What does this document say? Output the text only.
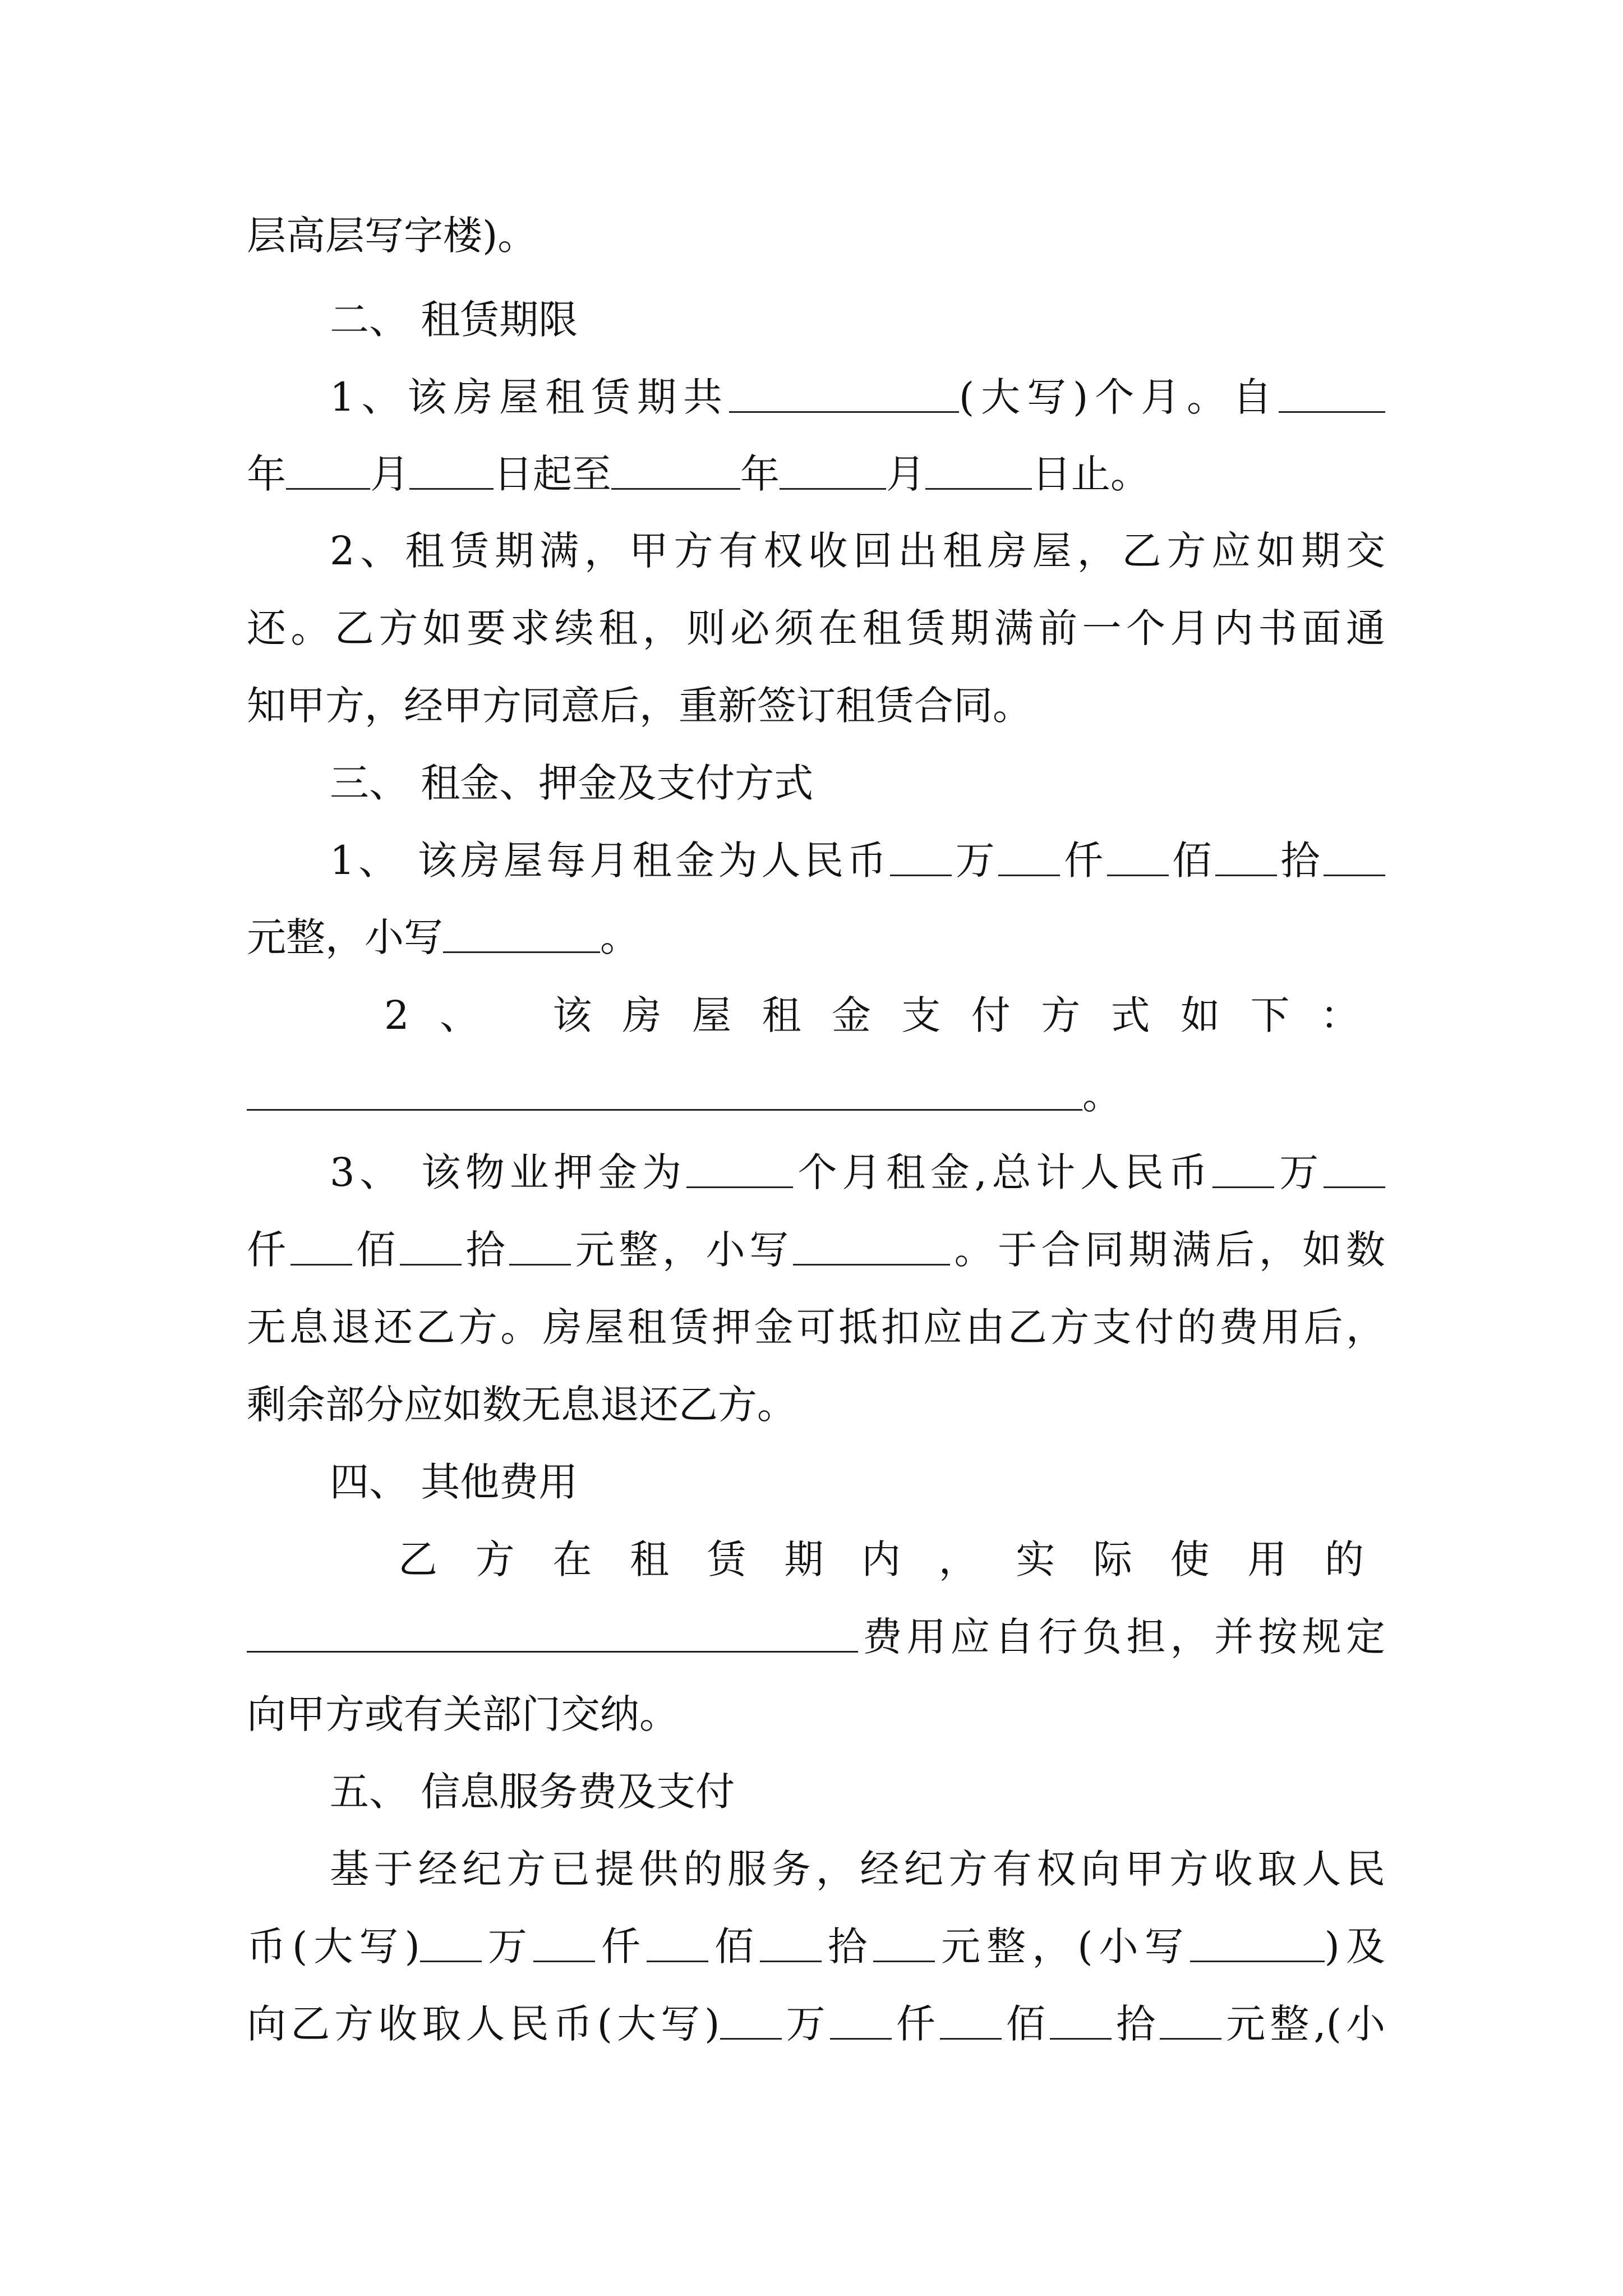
层高层写字楼)。
二、 租赁期限
1、该房屋租赁期共	(大写)个月。自
年 月 日起至	年	月	日止。
2、租赁期满，甲方有权收回出租房屋，乙方应如期交
还。乙方如要求续租，则必须在租赁期满前一个月内书面通
知甲方，经甲方同意后，重新签订租赁合同。
三、 租金、押金及支付方式
1、 该房屋每月租金为人民币 万 仟 佰 拾
元整，小写	。
2、 该房屋租金支付方式如下：
。
3、 该物业押金为	个月租金,总计人民币 万
仟 佰 拾 元整，小写	。于合同期满后，如数
无息退还乙方。房屋租赁押金可抵扣应由乙方支付的费用后，
剩余部分应如数无息退还乙方。
四、 其他费用
乙方在租赁期内，实际使用的
费用应自行负担，并按规定
向甲方或有关部门交纳。
五、 信息服务费及支付
基于经纪方已提供的服务，经纪方有权向甲方收取人民
币(大写) 万 仟 佰 拾 元整，(小写	)及
向乙方收取人民币(大写) 万 仟 佰 拾 元整,(小
